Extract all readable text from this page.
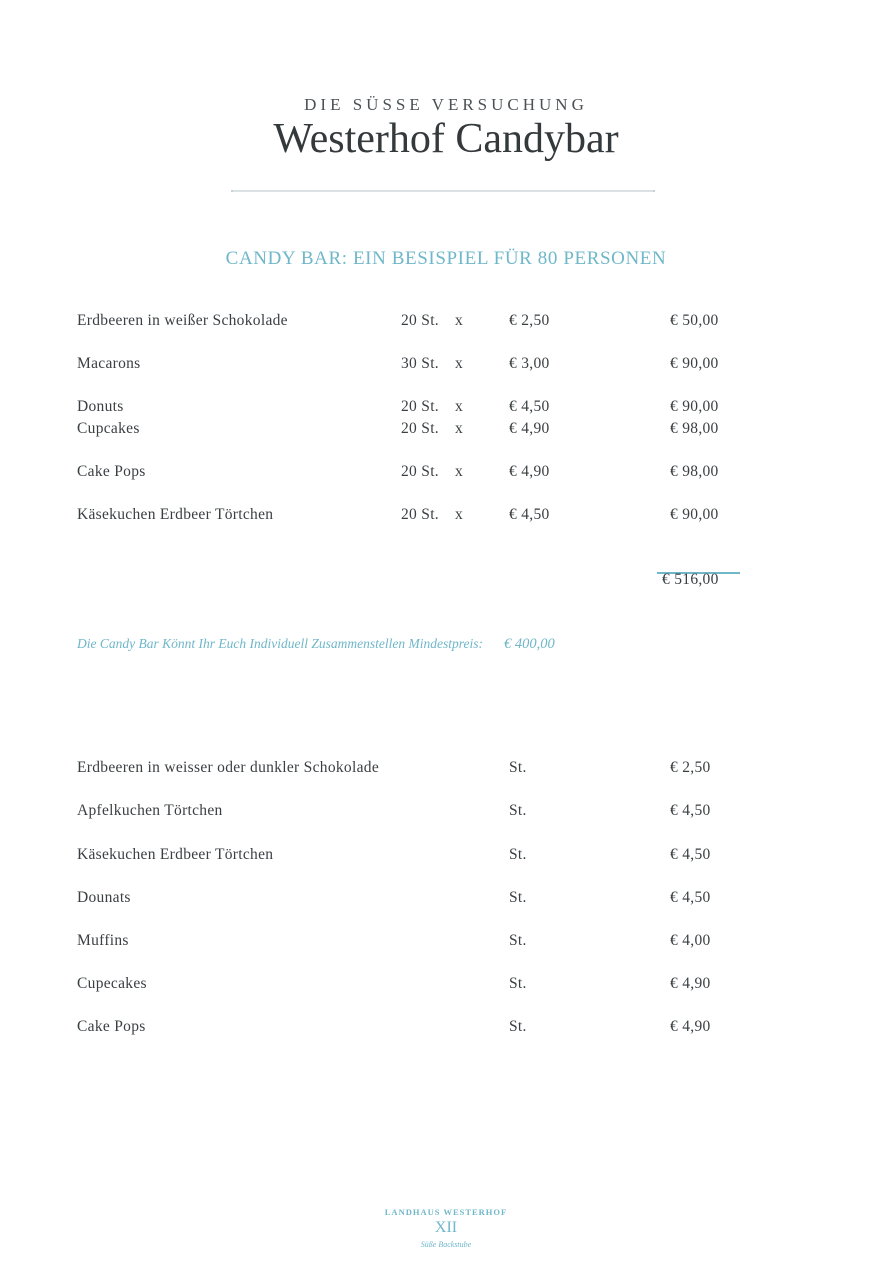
DIE SÜSSE VERSUCHUNG
Westerhof Candybar
CANDY BAR: EIN BESISPIEL FÜR 80 PERSONEN
Erdbeeren in weißer Schokolade	20 St. x	€ 2,50	€ 50,00
Macarons	30 St. x	€ 3,00	€ 90,00
Donuts	20 St. x	€ 4,50	€ 90,00
Cupcakes	20 St. x	€ 4,90	€ 98,00
Cake Pops	20 St. x	€ 4,90	€ 98,00
Käsekuchen Erdbeer Törtchen	20 St. x	€ 4,50	€ 90,00
€ 516,00
Die Candy Bar Könnt Ihr Euch Individuell Zusammenstellen Mindestpreis: € 400,00
Erdbeeren in weisser oder dunkler Schokolade	St.	€ 2,50
Apfelkuchen Törtchen	St.	€ 4,50
Käsekuchen Erdbeer Törtchen	St.	€ 4,50
Dounats	St.	€ 4,50
Muffins	St.	€ 4,00
Cupecakes	St.	€ 4,90
Cake Pops	St.	€ 4,90
LANDHAUS WESTERHOF
XII
Süße Backstube
